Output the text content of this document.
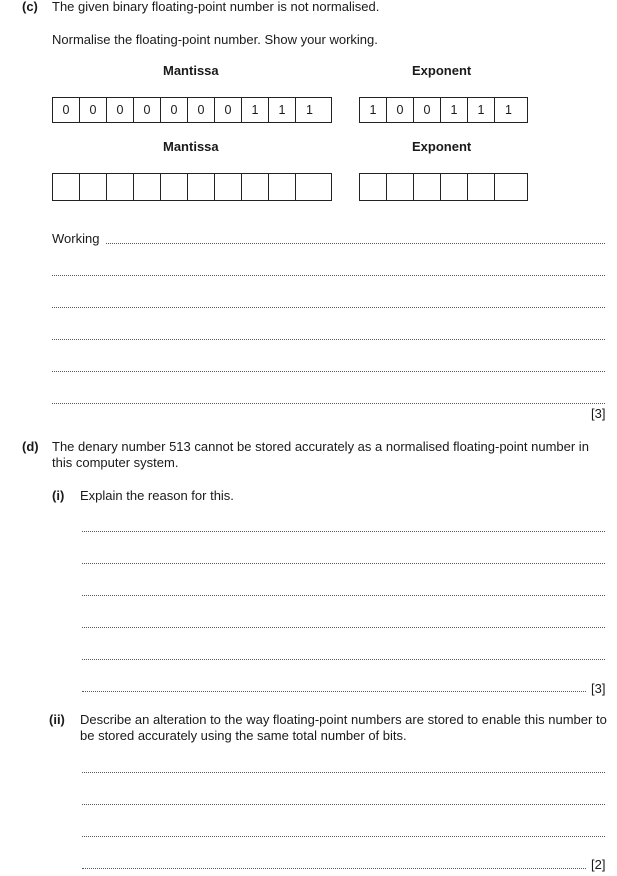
(c) The given binary floating-point number is not normalised.
Normalise the floating-point number. Show your working.
Mantissa	Exponent
0	0	0	0	0	0	0	1	1	1	1	0	0	1	1	1
Mantissa	Exponent
Working
[3]
(d) The denary number 513 cannot be stored accurately as a normalised floating-point number in this computer system.
(i) Explain the reason for this.
[3]
(ii) Describe an alteration to the way floating-point numbers are stored to enable this number to be stored accurately using the same total number of bits.
[2]
